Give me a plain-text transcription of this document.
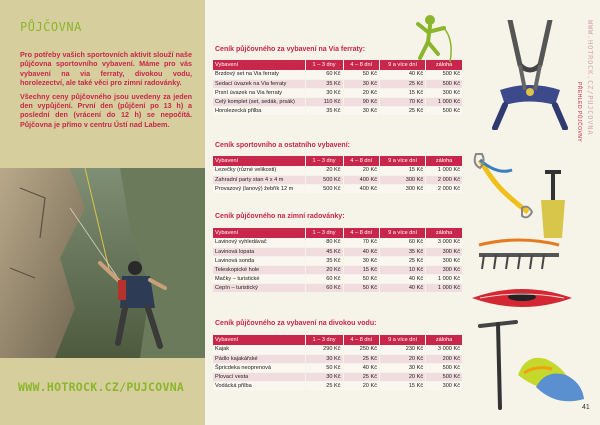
PŮJČOVNA

Pro potřeby vašich sportovních aktivit slouží naše půjčovna sportovního vybavení. Máme pro vás vybavení na via ferraty, divokou vodu, horolezectví, ale také věci pro zimní radovánky.

Všechny ceny půjčovného jsou uvedeny za jeden den vypůjčení. První den (půjčení po 13 h) a poslední den (vrácení do 12 h) se nepočítá. Půjčovna je přímo v centru Ústí nad Labem.

WWW.HOTROCK.CZ/PUJCOVNA
Ceník půjčovného za vybavení na Via ferraty:
Vybavení	1 – 3 dny	4 – 8 dní	9 a více dní	záloha
Brzdový set na Via ferraty	60 Kč	50 Kč	40 Kč	500 Kč
Sedací úvazek na Via ferraty	35 Kč	30 Kč	25 Kč	500 Kč
Prsní úvazek na Via ferraty	30 Kč	20 Kč	15 Kč	300 Kč
Celý komplet (set, sedák, prsák)	110 Kč	90 Kč	70 Kč	1 000 Kč
Horolezecká přilba	35 Kč	30 Kč	25 Kč	500 Kč
Ceník sportovního a ostatního vybavení:
Vybavení	1 – 3 dny	4 – 8 dní	9 a více dní	záloha
Lezečky (různé velikosti)	20 Kč	20 Kč	15 Kč	1 000 Kč
Zahradní party stan 4 x 4 m	500 Kč	400 Kč	300 Kč	2 000 Kč
Provazový (lanový) žebřík 12 m	500 Kč	400 Kč	300 Kč	2 000 Kč
Ceník půjčovného na zimní radovánky:
Vybavení	1 – 3 dny	4 – 8 dní	9 a více dní	záloha
Lavinový vyhledávač	80 Kč	70 Kč	60 Kč	3 000 Kč
Lavinová lopata	45 Kč	40 Kč	35 Kč	300 Kč
Lavinová sonda	35 Kč	30 Kč	25 Kč	300 Kč
Teleskopické hole	20 Kč	15 Kč	10 Kč	300 Kč
Mačky – turistické	60 Kč	50 Kč	40 Kč	1 000 Kč
Cepín – turistický	60 Kč	50 Kč	40 Kč	1 000 Kč
Ceník půjčovného za vybavení na divokou vodu:
Vybavení	1 – 3 dny	4 – 8 dní	9 a více dní	záloha
Kajak	290 Kč	250 Kč	230 Kč	3 000 Kč
Pádlo kajakářské	30 Kč	25 Kč	20 Kč	200 Kč
Špricdeka neoprenová	50 Kč	40 Kč	30 Kč	500 Kč
Plovací vesta	30 Kč	25 Kč	20 Kč	500 Kč
Vodácká přilba	25 Kč	20 Kč	15 Kč	300 Kč
WWW.HOTROCK.CZ/PUJCOVNA
PŘEHLED PŮJČOVNY
41
